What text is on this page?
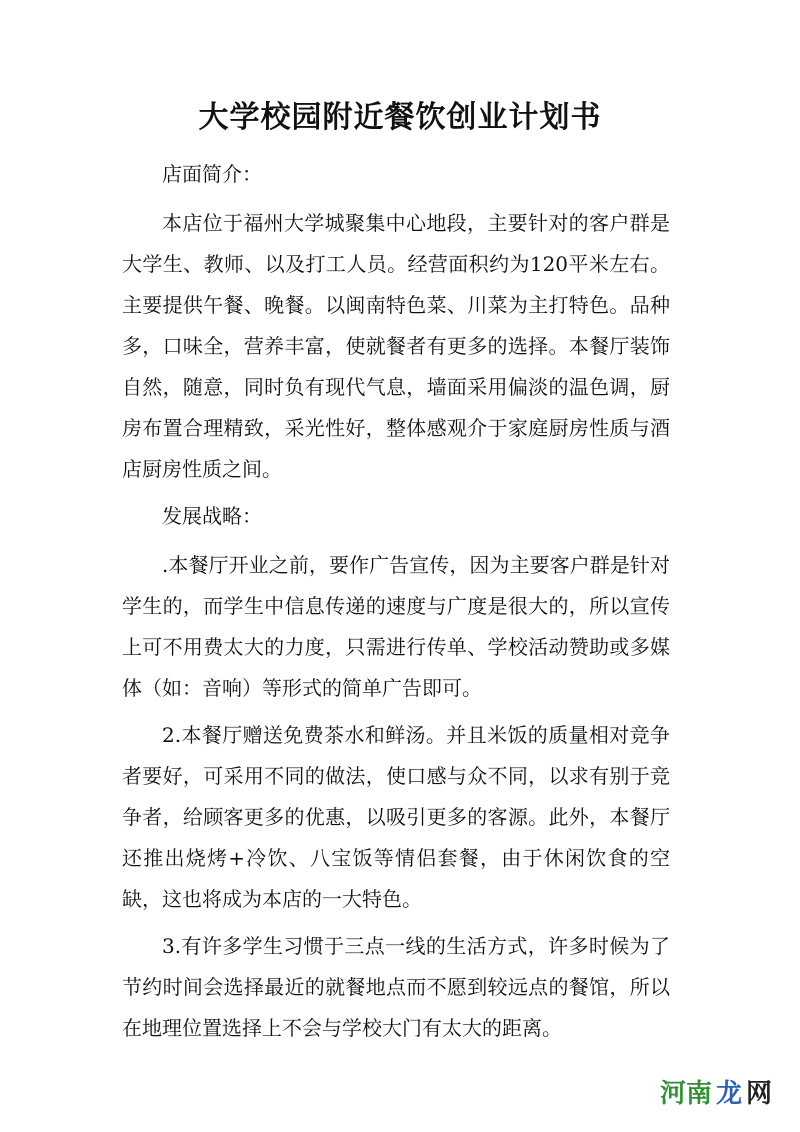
大学校园附近餐饮创业计划书

店面简介：

本店位于福州大学城聚集中心地段，主要针对的客户群是大学生、教师、以及打工人员。经营面积约为120平米左右。主要提供午餐、晚餐。以闽南特色菜、川菜为主打特色。品种多，口味全，营养丰富，使就餐者有更多的选择。本餐厅装饰自然，随意，同时负有现代气息，墙面采用偏淡的温色调，厨房布置合理精致，采光性好，整体感观介于家庭厨房性质与酒店厨房性质之间。

发展战略：

.本餐厅开业之前，要作广告宣传，因为主要客户群是针对学生的，而学生中信息传递的速度与广度是很大的，所以宣传上可不用费太大的力度，只需进行传单、学校活动赞助或多媒体（如：音响）等形式的简单广告即可。

2.本餐厅赠送免费茶水和鲜汤。并且米饭的质量相对竞争者要好，可采用不同的做法，使口感与众不同，以求有别于竞争者，给顾客更多的优惠，以吸引更多的客源。此外，本餐厅还推出烧烤+冷饮、八宝饭等情侣套餐，由于休闲饮食的空缺，这也将成为本店的一大特色。

3.有许多学生习惯于三点一线的生活方式，许多时候为了节约时间会选择最近的就餐地点而不愿到较远点的餐馆，所以在地理位置选择上不会与学校大门有太大的距离。

河南 龙 网
